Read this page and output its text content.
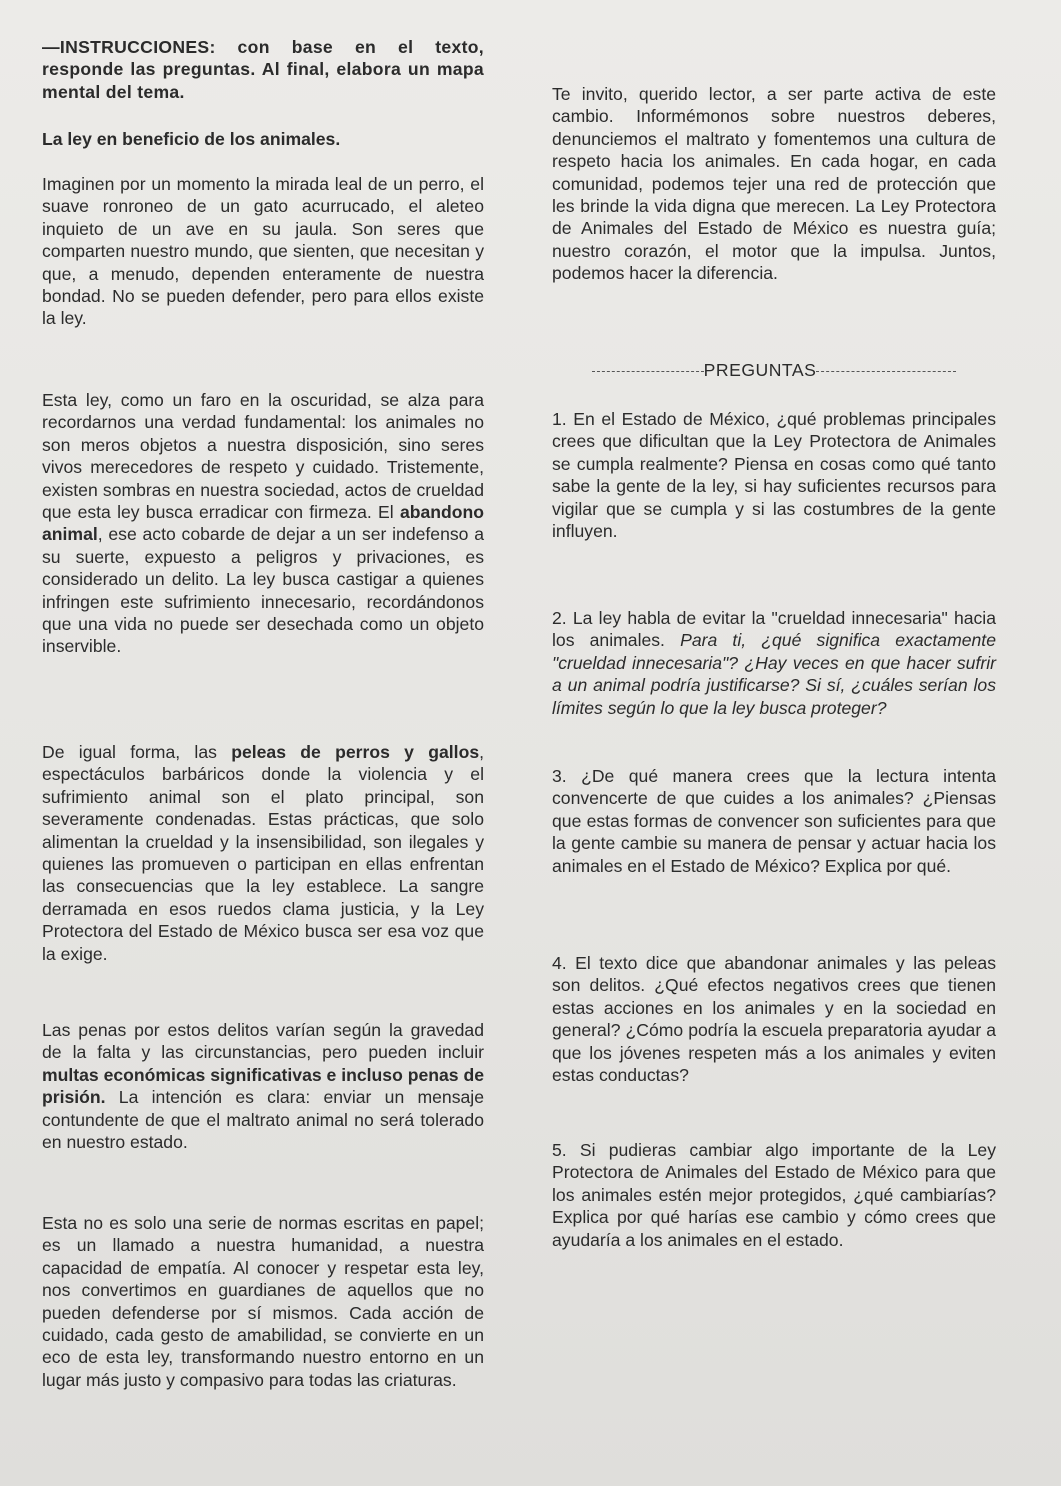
—INSTRUCCIONES: con base en el texto, responde las preguntas. Al final, elabora un mapa mental del tema.

La ley en beneficio de los animales.

Imaginen por un momento la mirada leal de un perro, el suave ronroneo de un gato acurrucado, el aleteo inquieto de un ave en su jaula. Son seres que comparten nuestro mundo, que sienten, que necesitan y que, a menudo, dependen enteramente de nuestra bondad. No se pueden defender, pero para ellos existe la ley.

Esta ley, como un faro en la oscuridad, se alza para recordarnos una verdad fundamental: los animales no son meros objetos a nuestra disposición, sino seres vivos merecedores de respeto y cuidado. Tristemente, existen sombras en nuestra sociedad, actos de crueldad que esta ley busca erradicar con firmeza. El abandono animal, ese acto cobarde de dejar a un ser indefenso a su suerte, expuesto a peligros y privaciones, es considerado un delito. La ley busca castigar a quienes infringen este sufrimiento innecesario, recordándonos que una vida no puede ser desechada como un objeto inservible.

De igual forma, las peleas de perros y gallos, espectáculos barbáricos donde la violencia y el sufrimiento animal son el plato principal, son severamente condenadas. Estas prácticas, que solo alimentan la crueldad y la insensibilidad, son ilegales y quienes las promueven o participan en ellas enfrentan las consecuencias que la ley establece. La sangre derramada en esos ruedos clama justicia, y la Ley Protectora del Estado de México busca ser esa voz que la exige.

Las penas por estos delitos varían según la gravedad de la falta y las circunstancias, pero pueden incluir multas económicas significativas e incluso penas de prisión. La intención es clara: enviar un mensaje contundente de que el maltrato animal no será tolerado en nuestro estado.

Esta no es solo una serie de normas escritas en papel; es un llamado a nuestra humanidad, a nuestra capacidad de empatía. Al conocer y respetar esta ley, nos convertimos en guardianes de aquellos que no pueden defenderse por sí mismos. Cada acción de cuidado, cada gesto de amabilidad, se convierte en un eco de esta ley, transformando nuestro entorno en un lugar más justo y compasivo para todas las criaturas.

Te invito, querido lector, a ser parte activa de este cambio. Informémonos sobre nuestros deberes, denunciemos el maltrato y fomentemos una cultura de respeto hacia los animales. En cada hogar, en cada comunidad, podemos tejer una red de protección que les brinde la vida digna que merecen. La Ley Protectora de Animales del Estado de México es nuestra guía; nuestro corazón, el motor que la impulsa. Juntos, podemos hacer la diferencia.

PREGUNTAS

1. En el Estado de México, ¿qué problemas principales crees que dificultan que la Ley Protectora de Animales se cumpla realmente? Piensa en cosas como qué tanto sabe la gente de la ley, si hay suficientes recursos para vigilar que se cumpla y si las costumbres de la gente influyen.

2. La ley habla de evitar la "crueldad innecesaria" hacia los animales. Para ti, ¿qué significa exactamente "crueldad innecesaria"? ¿Hay veces en que hacer sufrir a un animal podría justificarse? Si sí, ¿cuáles serían los límites según lo que la ley busca proteger?

3. ¿De qué manera crees que la lectura intenta convencerte de que cuides a los animales? ¿Piensas que estas formas de convencer son suficientes para que la gente cambie su manera de pensar y actuar hacia los animales en el Estado de México? Explica por qué.

4. El texto dice que abandonar animales y las peleas son delitos. ¿Qué efectos negativos crees que tienen estas acciones en los animales y en la sociedad en general? ¿Cómo podría la escuela preparatoria ayudar a que los jóvenes respeten más a los animales y eviten estas conductas?

5. Si pudieras cambiar algo importante de la Ley Protectora de Animales del Estado de México para que los animales estén mejor protegidos, ¿qué cambiarías? Explica por qué harías ese cambio y cómo crees que ayudaría a los animales en el estado.
